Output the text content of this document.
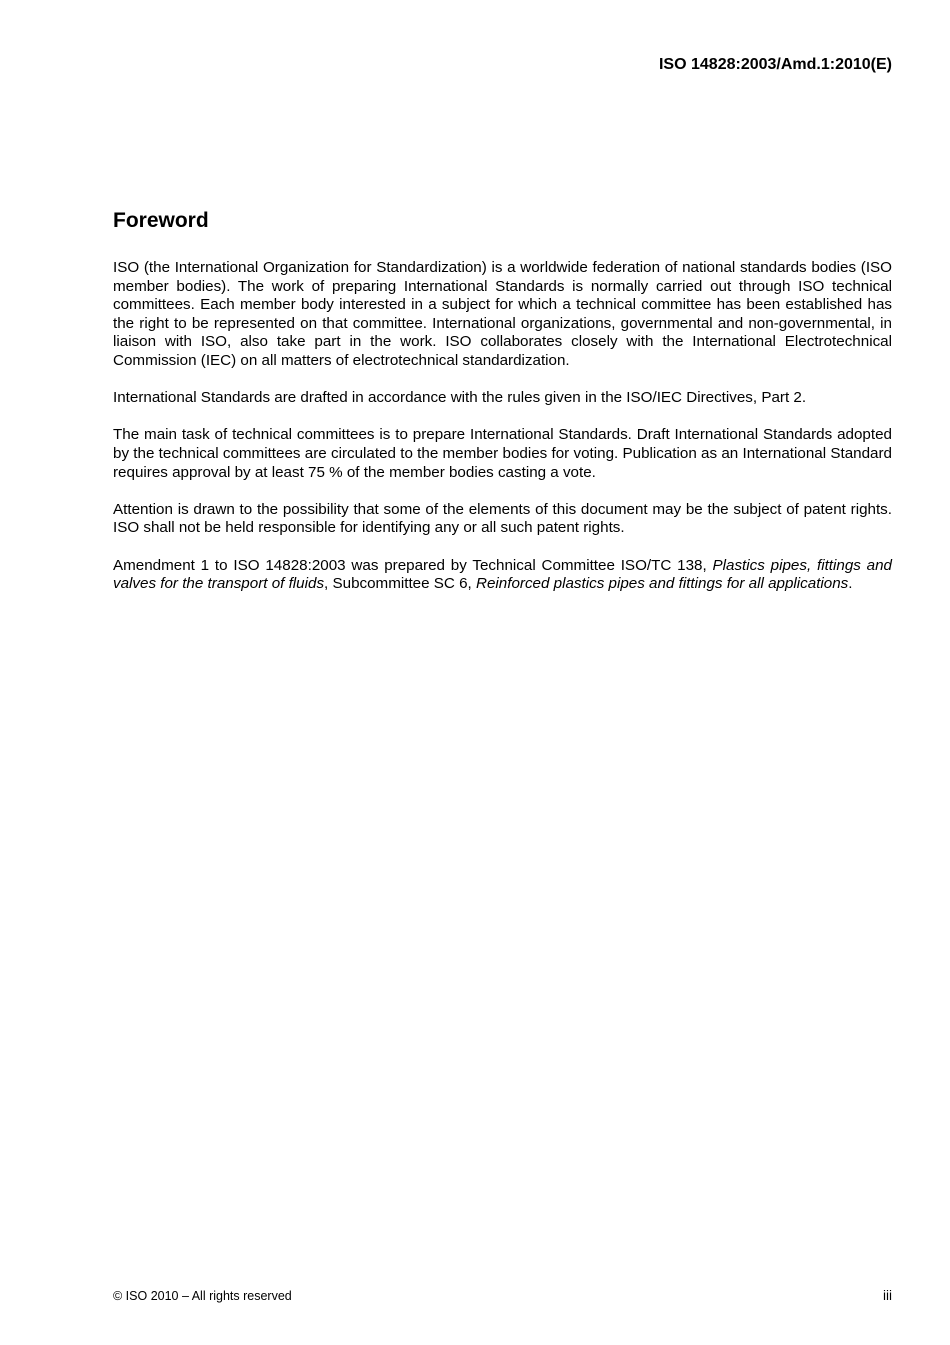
ISO 14828:2003/Amd.1:2010(E)
Foreword

ISO (the International Organization for Standardization) is a worldwide federation of national standards bodies (ISO member bodies). The work of preparing International Standards is normally carried out through ISO technical committees. Each member body interested in a subject for which a technical committee has been established has the right to be represented on that committee. International organizations, governmental and non-governmental, in liaison with ISO, also take part in the work. ISO collaborates closely with the International Electrotechnical Commission (IEC) on all matters of electrotechnical standardization.

International Standards are drafted in accordance with the rules given in the ISO/IEC Directives, Part 2.

The main task of technical committees is to prepare International Standards. Draft International Standards adopted by the technical committees are circulated to the member bodies for voting. Publication as an International Standard requires approval by at least 75 % of the member bodies casting a vote.

Attention is drawn to the possibility that some of the elements of this document may be the subject of patent rights. ISO shall not be held responsible for identifying any or all such patent rights.

Amendment 1 to ISO 14828:2003 was prepared by Technical Committee ISO/TC 138, Plastics pipes, fittings and valves for the transport of fluids, Subcommittee SC 6, Reinforced plastics pipes and fittings for all applications.

© ISO 2010 – All rights reserved	iii
